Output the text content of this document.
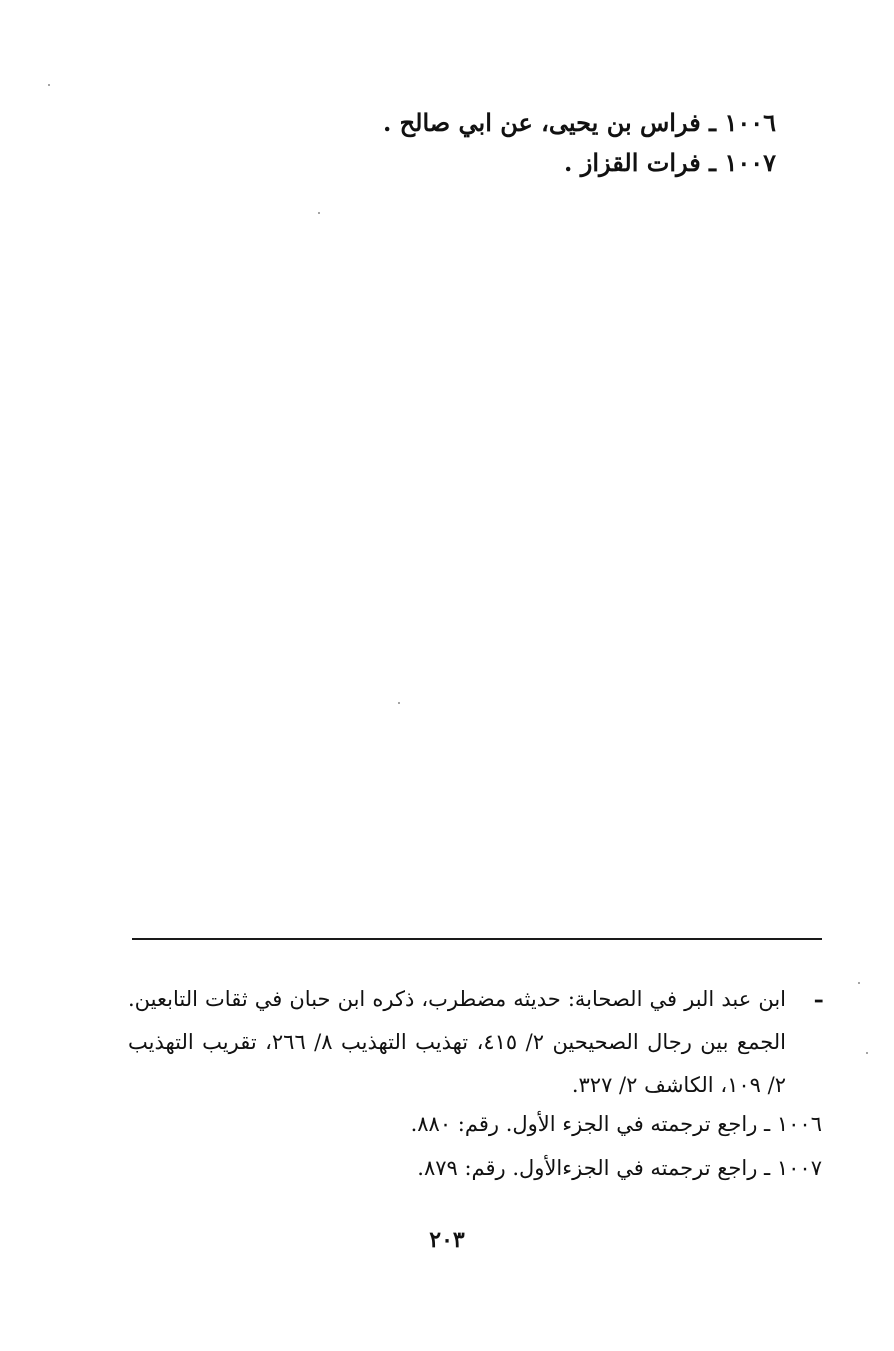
١٠٠٦ ـ فراس بن يحيى، عن ابي صالح .
١٠٠٧ ـ فرات القزاز .
ـ
ابن عبد البر في الصحابة: حديثه مضطرب، ذكره ابن حبان في ثقات التابعين. الجمع بين رجال الصحيحين ٢/ ٤١٥، تهذيب التهذيب ٨/ ٢٦٦، تقريب التهذيب ٢/ ١٠٩، الكاشف ٢/ ٣٢٧.
١٠٠٦ ـ راجع ترجمته في الجزء الأول. رقم: ٨٨٠.
١٠٠٧ ـ راجع ترجمته في الجزءالأول. رقم: ٨٧٩.
٢٠٣
